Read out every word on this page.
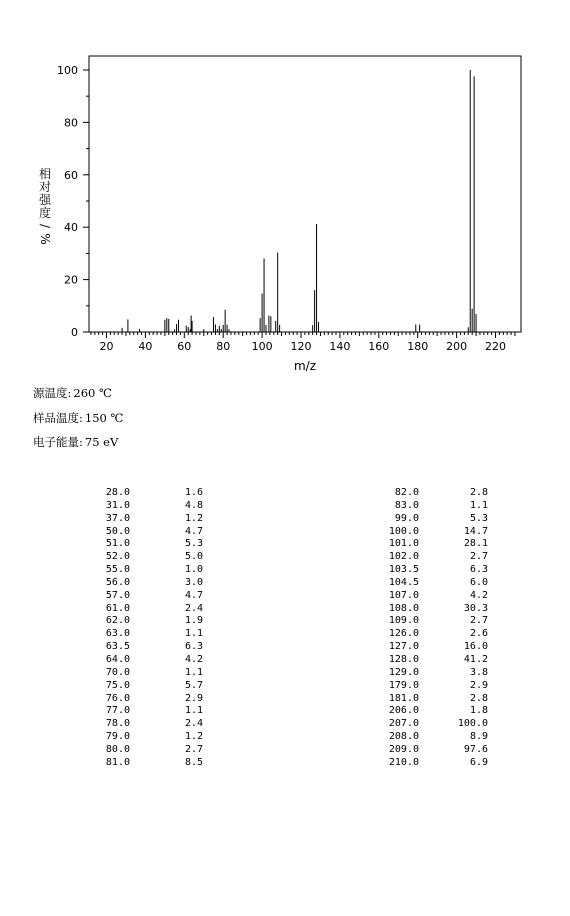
0
20
40
60
80
100
20 40 60 80 100 120 140 160 180 200 220
m/z
相
对
强
度
/
%
源温度: 260 ℃
样品温度: 150 ℃
电子能量: 75 eV
28.0	1.6
31.0	4.8
37.0	1.2
50.0	4.7
51.0	5.3
52.0	5.0
55.0	1.0
56.0	3.0
57.0	4.7
61.0	2.4
62.0	1.9
63.0	1.1
63.5	6.3
64.0	4.2
70.0	1.1
75.0	5.7
76.0	2.9
77.0	1.1
78.0	2.4
79.0	1.2
80.0	2.7
81.0	8.5
82.0	2.8
83.0	1.1
99.0	5.3
100.0	14.7
101.0	28.1
102.0	2.7
103.5	6.3
104.5	6.0
107.0	4.2
108.0	30.3
109.0	2.7
126.0	2.6
127.0	16.0
128.0	41.2
129.0	3.8
179.0	2.9
181.0	2.8
206.0	1.8
207.0	100.0
208.0	8.9
209.0	97.6
210.0	6.9
